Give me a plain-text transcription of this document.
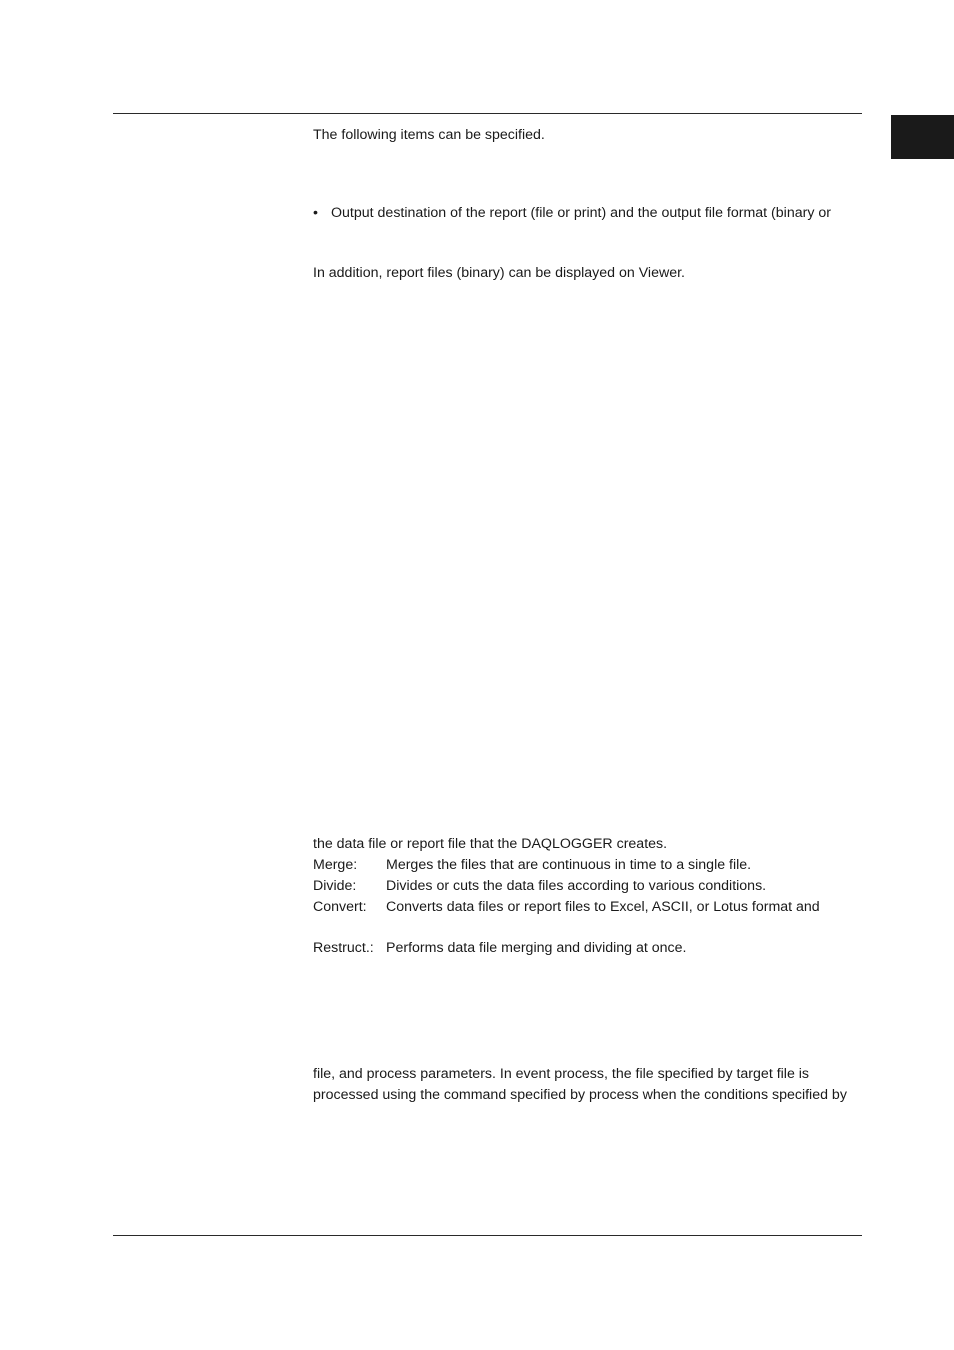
The following items can be specified.
• Output destination of the report (file or print) and the output file format (binary or
In addition, report files (binary) can be displayed on Viewer.
the data file or report file that the DAQLOGGER creates.
Merge: Merges the files that are continuous in time to a single file.
Divide: Divides or cuts the data files according to various conditions.
Convert: Converts data files or report files to Excel, ASCII, or Lotus format and
Restruct.: Performs data file merging and dividing at once.
file, and process parameters. In event process, the file specified by target file is
processed using the command specified by process when the conditions specified by
